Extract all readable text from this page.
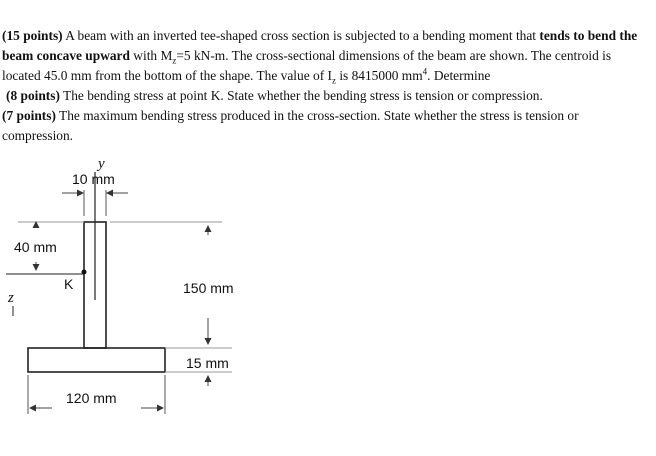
(15 points) A beam with an inverted tee-shaped cross section is subjected to a bending moment that tends to bend the beam concave upward with $M_z=5$ kN-m. The cross-sectional dimensions of the beam are shown. The centroid is located 45.0 mm from the bottom of the shape. The value of $I_z$ is 8415000 $mm^4$. Determine

(8 points) The bending stress at point K. State whether the bending stress is tension or compression.

(7 points) The maximum bending stress produced in the cross-section. State whether the stress is tension or compression.

y
z
10 mm
40 mm
K	150 mm
15 mm
120 mm
